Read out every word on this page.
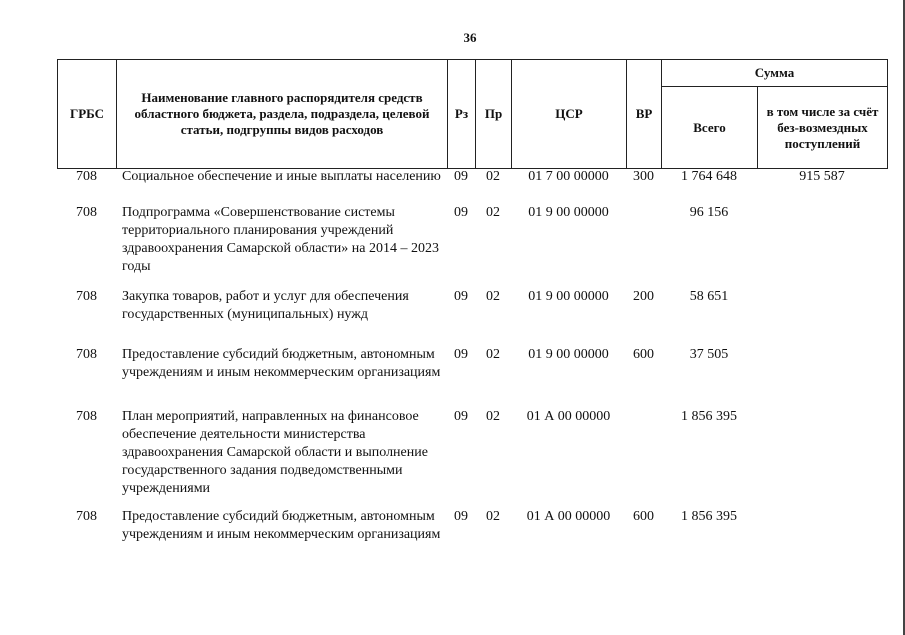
36
ГРБС	Наименование главного распорядителя средств областного бюджета, раздела, подраздела, целевой статьи, подгруппы видов расходов	Рз	Пр	ЦСР	ВР	Сумма	
						Всего	в том числе за счёт без-возмездных поступлений
708	Социальное обеспечение и иные выплаты населению	09	02	01 7 00 00000	300	1 764 648	915 587
708	Подпрограмма «Совершенствование системы территориального планирования учреждений здравоохранения Самарской области» на 2014 – 2023 годы	09	02	01 9 00 00000		96 156	
708	Закупка товаров, работ и услуг для обеспечения государственных (муниципальных) нужд	09	02	01 9 00 00000	200	58 651	
708	Предоставление субсидий бюджетным, автономным учреждениям и иным некоммерческим организациям	09	02	01 9 00 00000	600	37 505	
708	План мероприятий, направленных на финансовое обеспечение деятельности министерства здравоохранения Самарской области и выполнение государственного задания подведомственными учреждениями	09	02	01 А 00 00000		1 856 395	
708	Предоставление субсидий бюджетным, автономным учреждениям и иным некоммерческим организациям	09	02	01 А 00 00000	600	1 856 395	
